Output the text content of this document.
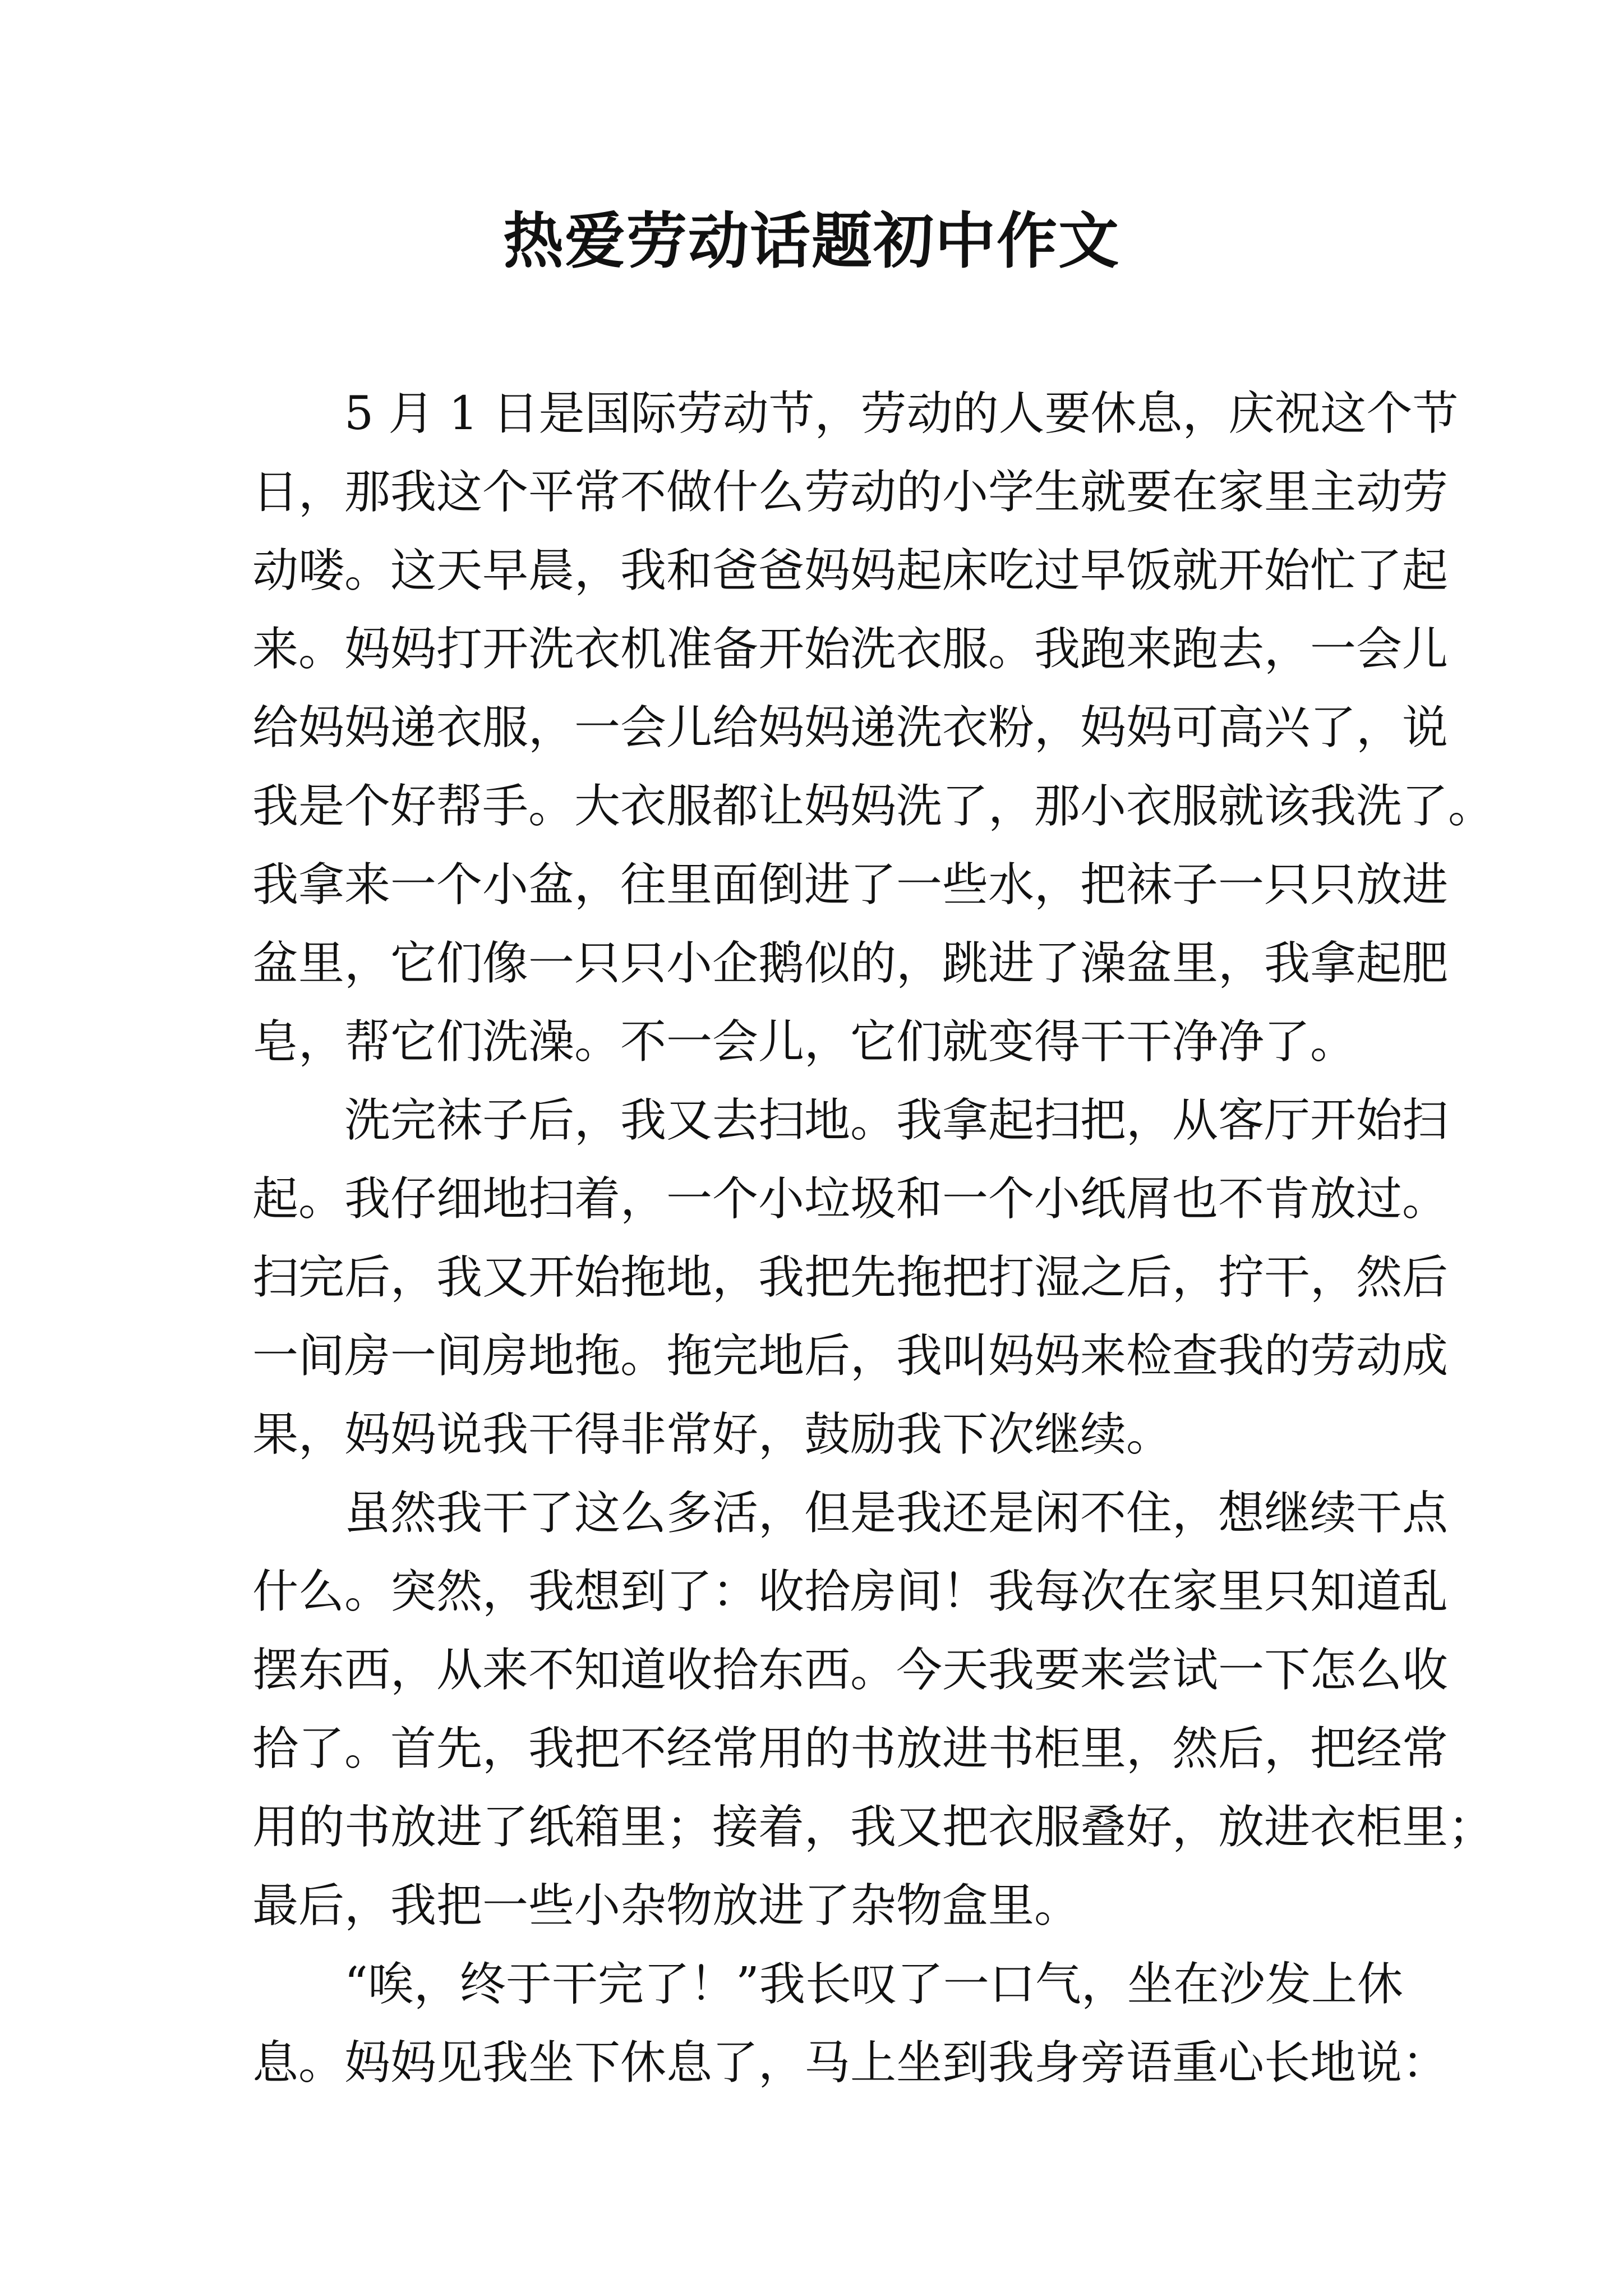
热爱劳动话题初中作文
5 月 1 日是国际劳动节，劳动的人要休息，庆祝这个节
日，那我这个平常不做什么劳动的小学生就要在家里主动劳
动喽。这天早晨，我和爸爸妈妈起床吃过早饭就开始忙了起
来。妈妈打开洗衣机准备开始洗衣服。我跑来跑去，一会儿
给妈妈递衣服，一会儿给妈妈递洗衣粉，妈妈可高兴了，说
我是个好帮手。大衣服都让妈妈洗了，那小衣服就该我洗了。
我拿来一个小盆，往里面倒进了一些水，把袜子一只只放进
盆里，它们像一只只小企鹅似的，跳进了澡盆里，我拿起肥
皂，帮它们洗澡。不一会儿，它们就变得干干净净了。
洗完袜子后，我又去扫地。我拿起扫把，从客厅开始扫
起。我仔细地扫着，一个小垃圾和一个小纸屑也不肯放过。
扫完后，我又开始拖地，我把先拖把打湿之后，拧干，然后
一间房一间房地拖。拖完地后，我叫妈妈来检查我的劳动成
果，妈妈说我干得非常好，鼓励我下次继续。
虽然我干了这么多活，但是我还是闲不住，想继续干点
什么。突然，我想到了：收拾房间！我每次在家里只知道乱
摆东西，从来不知道收拾东西。今天我要来尝试一下怎么收
拾了。首先，我把不经常用的书放进书柜里，然后，把经常
用的书放进了纸箱里；接着，我又把衣服叠好，放进衣柜里；
最后，我把一些小杂物放进了杂物盒里。
“唉，终于干完了！”我长叹了一口气，坐在沙发上休
息。妈妈见我坐下休息了，马上坐到我身旁语重心长地说：
